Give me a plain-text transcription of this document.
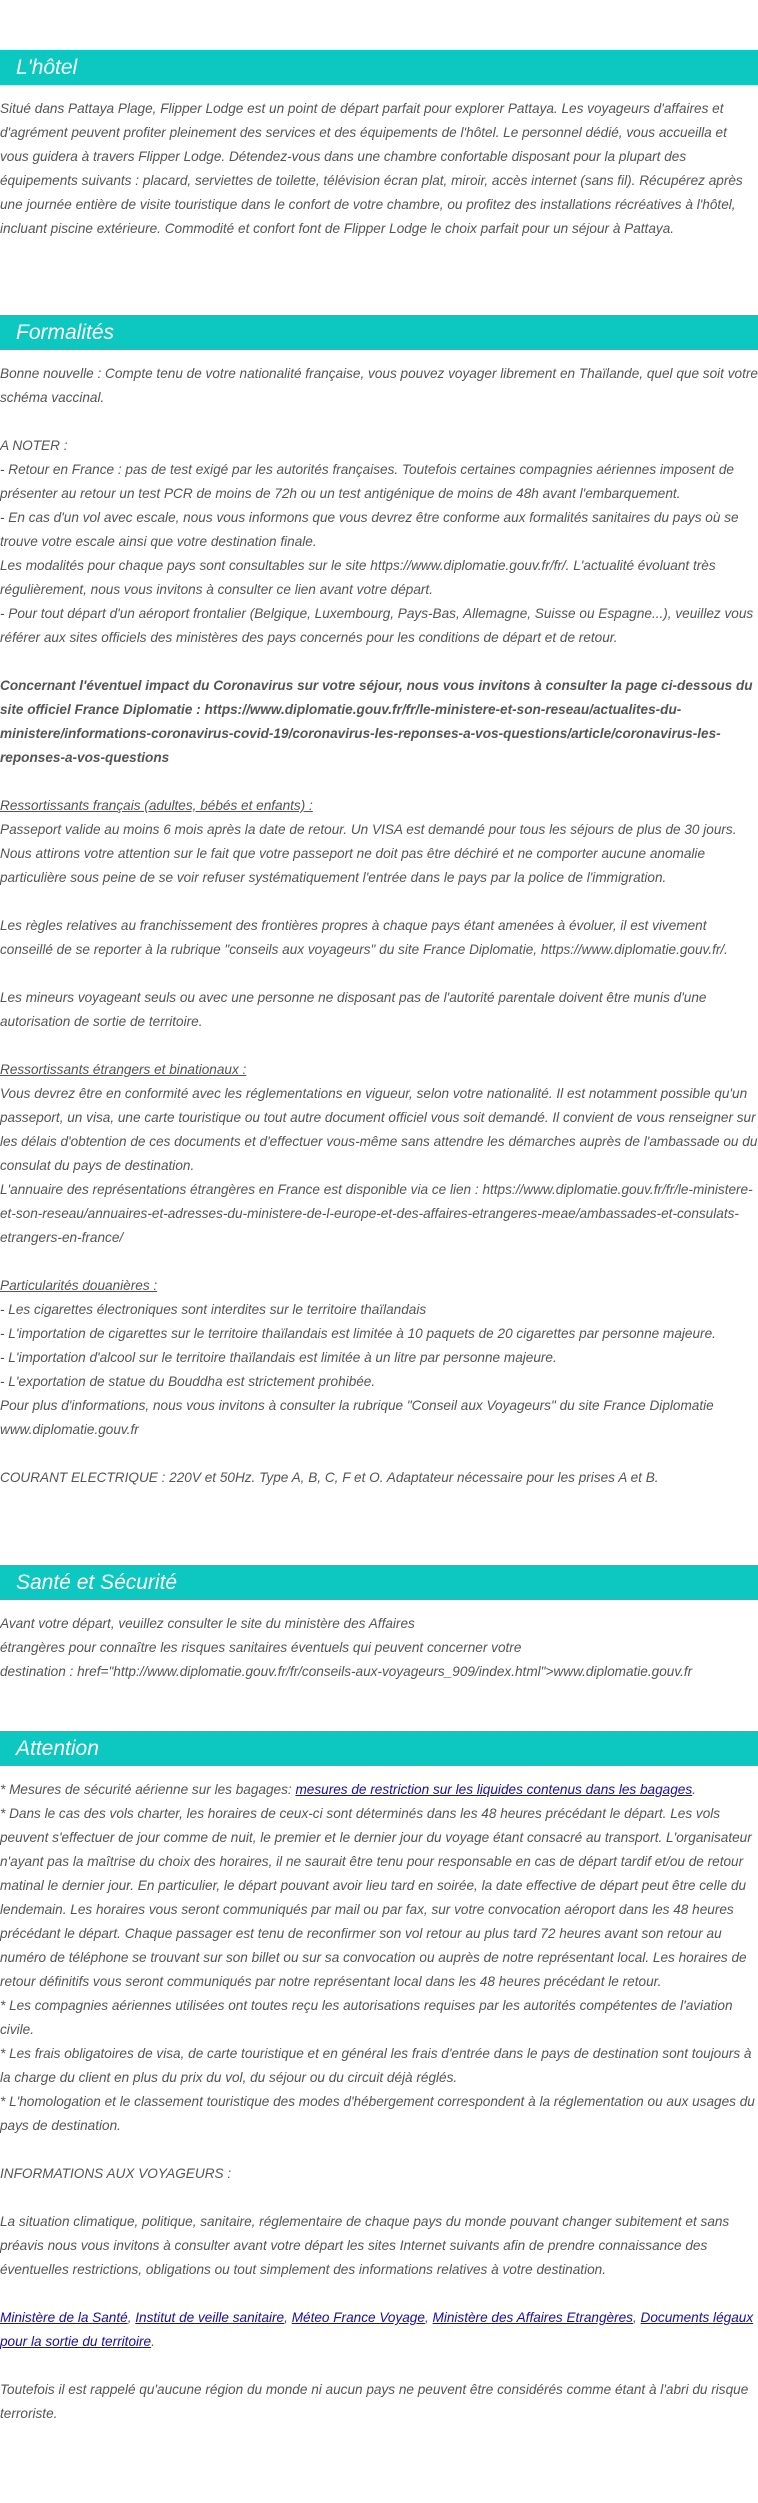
L'hôtel

Situé dans Pattaya Plage, Flipper Lodge est un point de départ parfait pour explorer Pattaya. Les voyageurs d'affaires et d'agrément peuvent profiter pleinement des services et des équipements de l'hôtel. Le personnel dédié, vous accueilla et vous guidera à travers Flipper Lodge. Détendez-vous dans une chambre confortable disposant pour la plupart des équipements suivants : placard, serviettes de toilette, télévision écran plat, miroir, accès internet (sans fil). Récupérez après une journée entière de visite touristique dans le confort de votre chambre, ou profitez des installations récréatives à l'hôtel, incluant piscine extérieure. Commodité et confort font de Flipper Lodge le choix parfait pour un séjour à Pattaya.

Formalités

Bonne nouvelle : Compte tenu de votre nationalité française, vous pouvez voyager librement en Thaïlande, quel que soit votre schéma vaccinal.

A NOTER :

- Retour en France : pas de test exigé par les autorités françaises. Toutefois certaines compagnies aériennes imposent de présenter au retour un test PCR de moins de 72h ou un test antigénique de moins de 48h avant l'embarquement.

- En cas d'un vol avec escale, nous vous informons que vous devrez être conforme aux formalités sanitaires du pays où se trouve votre escale ainsi que votre destination finale.

Les modalités pour chaque pays sont consultables sur le site https://www.diplomatie.gouv.fr/fr/. L'actualité évoluant très régulièrement, nous vous invitons à consulter ce lien avant votre départ.

- Pour tout départ d'un aéroport frontalier (Belgique, Luxembourg, Pays-Bas, Allemagne, Suisse ou Espagne...), veuillez vous référer aux sites officiels des ministères des pays concernés pour les conditions de départ et de retour.

Concernant l'éventuel impact du Coronavirus sur votre séjour, nous vous invitons à consulter la page ci-dessous du site officiel France Diplomatie : https://www.diplomatie.gouv.fr/fr/le-ministere-et-son-reseau/actualites-du-ministere/informations-coronavirus-covid-19/coronavirus-les-reponses-a-vos-questions/article/coronavirus-les-reponses-a-vos-questions

Ressortissants français (adultes, bébés et enfants) :

Passeport valide au moins 6 mois après la date de retour. Un VISA est demandé pour tous les séjours de plus de 30 jours. Nous attirons votre attention sur le fait que votre passeport ne doit pas être déchiré et ne comporter aucune anomalie particulière sous peine de se voir refuser systématiquement l'entrée dans le pays par la police de l'immigration.

Les règles relatives au franchissement des frontières propres à chaque pays étant amenées à évoluer, il est vivement conseillé de se reporter à la rubrique "conseils aux voyageurs" du site France Diplomatie, https://www.diplomatie.gouv.fr/.

Les mineurs voyageant seuls ou avec une personne ne disposant pas de l'autorité parentale doivent être munis d'une autorisation de sortie de territoire.

Ressortissants étrangers et binationaux :

Vous devrez être en conformité avec les réglementations en vigueur, selon votre nationalité. Il est notamment possible qu'un passeport, un visa, une carte touristique ou tout autre document officiel vous soit demandé. Il convient de vous renseigner sur les délais d'obtention de ces documents et d'effectuer vous-même sans attendre les démarches auprès de l'ambassade ou du consulat du pays de destination.

L'annuaire des représentations étrangères en France est disponible via ce lien : https://www.diplomatie.gouv.fr/fr/le-ministere-et-son-reseau/annuaires-et-adresses-du-ministere-de-l-europe-et-des-affaires-etrangeres-meae/ambassades-et-consulats-etrangers-en-france/

Particularités douanières :

- Les cigarettes électroniques sont interdites sur le territoire thaïlandais

- L'importation de cigarettes sur le territoire thaïlandais est limitée à 10 paquets de 20 cigarettes par personne majeure.

- L'importation d'alcool sur le territoire thaïlandais est limitée à un litre par personne majeure.

- L'exportation de statue du Bouddha est strictement prohibée.

Pour plus d'informations, nous vous invitons à consulter la rubrique "Conseil aux Voyageurs" du site France Diplomatie www.diplomatie.gouv.fr

COURANT ELECTRIQUE : 220V et 50Hz. Type A, B, C, F et O. Adaptateur nécessaire pour les prises A et B.

Santé et Sécurité

Avant votre départ, veuillez consulter le site du ministère des Affaires

étrangères pour connaître les risques sanitaires éventuels qui peuvent concerner votre

destination : href="http://www.diplomatie.gouv.fr/fr/conseils-aux-voyageurs_909/index.html">www.diplomatie.gouv.fr

Attention

* Mesures de sécurité aérienne sur les bagages: mesures de restriction sur les liquides contenus dans les bagages.

* Dans le cas des vols charter, les horaires de ceux-ci sont déterminés dans les 48 heures précédant le départ. Les vols peuvent s'effectuer de jour comme de nuit, le premier et le dernier jour du voyage étant consacré au transport. L'organisateur n'ayant pas la maîtrise du choix des horaires, il ne saurait être tenu pour responsable en cas de départ tardif et/ou de retour matinal le dernier jour. En particulier, le départ pouvant avoir lieu tard en soirée, la date effective de départ peut être celle du lendemain. Les horaires vous seront communiqués par mail ou par fax, sur votre convocation aéroport dans les 48 heures précédant le départ. Chaque passager est tenu de reconfirmer son vol retour au plus tard 72 heures avant son retour au numéro de téléphone se trouvant sur son billet ou sur sa convocation ou auprès de notre représentant local. Les horaires de retour définitifs vous seront communiqués par notre représentant local dans les 48 heures précédant le retour.

* Les compagnies aériennes utilisées ont toutes reçu les autorisations requises par les autorités compétentes de l'aviation civile.

* Les frais obligatoires de visa, de carte touristique et en général les frais d'entrée dans le pays de destination sont toujours à la charge du client en plus du prix du vol, du séjour ou du circuit déjà réglés.

* L'homologation et le classement touristique des modes d'hébergement correspondent à la réglementation ou aux usages du pays de destination.

INFORMATIONS AUX VOYAGEURS :

La situation climatique, politique, sanitaire, réglementaire de chaque pays du monde pouvant changer subitement et sans préavis nous vous invitons à consulter avant votre départ les sites Internet suivants afin de prendre connaissance des éventuelles restrictions, obligations ou tout simplement des informations relatives à votre destination.

Ministère de la Santé, Institut de veille sanitaire, Méteo France Voyage, Ministère des Affaires Etrangères, Documents légaux pour la sortie du territoire.

Toutefois il est rappelé qu'aucune région du monde ni aucun pays ne peuvent être considérés comme étant à l'abri du risque terroriste.
